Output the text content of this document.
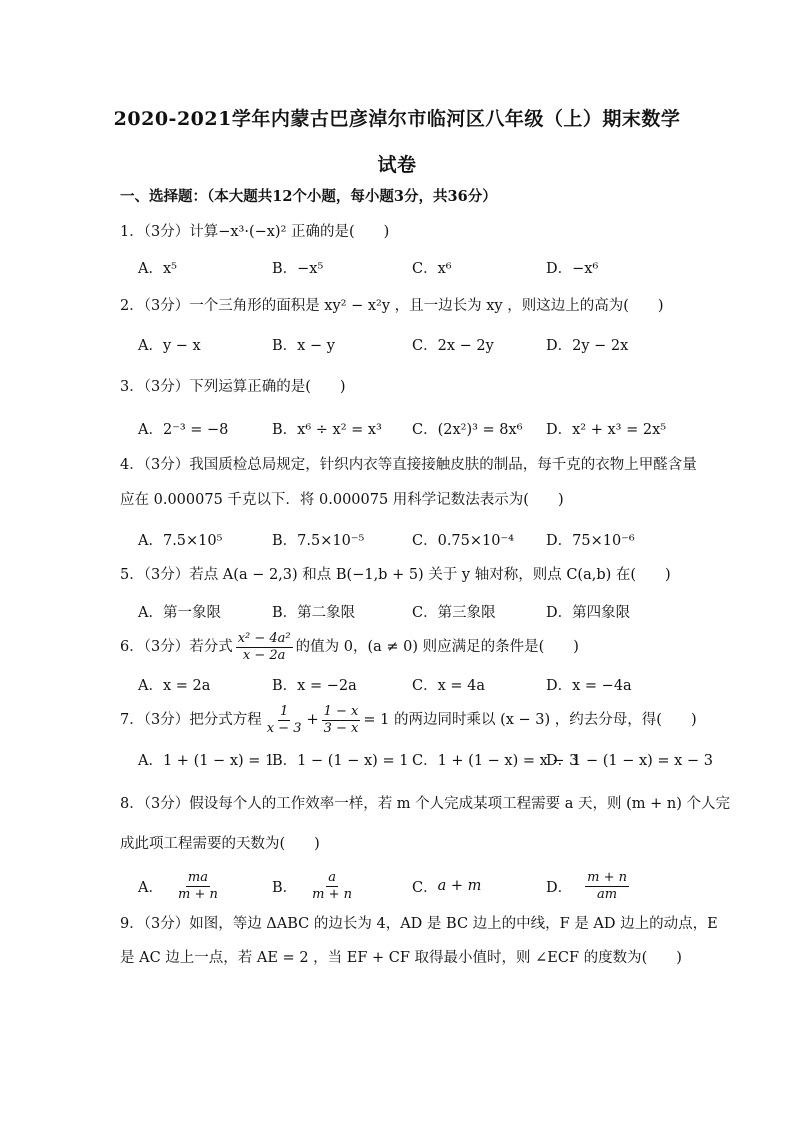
2020-2021学年内蒙古巴彦淖尔市临河区八年级（上）期末数学
试卷
一、选择题：（本大题共12个小题，每小题3分，共36分）
1．（3分）计算−x³·(−x)² 正确的是(　　)
A．x⁵	B．−x⁵	C．x⁶	D．−x⁶
2．（3分）一个三角形的面积是 xy² − x²y ，且一边长为 xy ，则这边上的高为(　　)
A．y − x	B．x − y	C．2x − 2y	D．2y − 2x
3．（3分）下列运算正确的是(　　)
A．2⁻³ = −8	B．x⁶ ÷ x² = x³ C．(2x²)³ = 8x⁶ D．x² + x³ = 2x⁵
4．（3分）我国质检总局规定，针织内衣等直接接触皮肤的制品，每千克的衣物上甲醛含量
应在 0.000075 千克以下．将 0.000075 用科学记数法表示为(　　)
A．7.5×10⁵	B．7.5×10⁻⁵	C．0.75×10⁻⁴ D．75×10⁻⁶
5．（3分）若点 A(a − 2,3) 和点 B(−1,b + 5) 关于 y 轴对称，则点 C(a,b) 在(　　)
A．第一象限	B．第二象限	C．第三象限	D．第四象限
6．（3分）若分式 $\frac{\text{x² − 4a²}}{x - 2a}$ 的值为 0，(a ≠ 0) 则应满足的条件是(　　)
A．x = 2a	B．x = −2a	C．x = 4a	D．x = −4a
7．（3分）把分式方程 $\frac{1}{x - 3} + \frac{1 - x}{3 - x} = 1$ 的两边同时乘以 (x − 3) ，约去分母，得(　　)
A．1 + (1 − x) = 1
B．1 − (1 − x) = 1 C．1 + (1 − x) = x − 3
D．1 − (1 − x) = x − 3
8．（3分）假设每个人的工作效率一样，若 m 个人完成某项工程需要 a 天，则 (m + n) 个人完
成此项工程需要的天数为(　　)
A． $\frac{ma}{m + n}$	B． $\frac{a}{m + n}$	C． a + m	D． $\frac{m + n}{am}$
9．（3分）如图，等边 ΔABC 的边长为 4，AD 是 BC 边上的中线，F 是 AD 边上的动点，E
是 AC 边上一点，若 AE = 2 ，当 EF + CF 取得最小值时，则 ∠ECF 的度数为(　　)
